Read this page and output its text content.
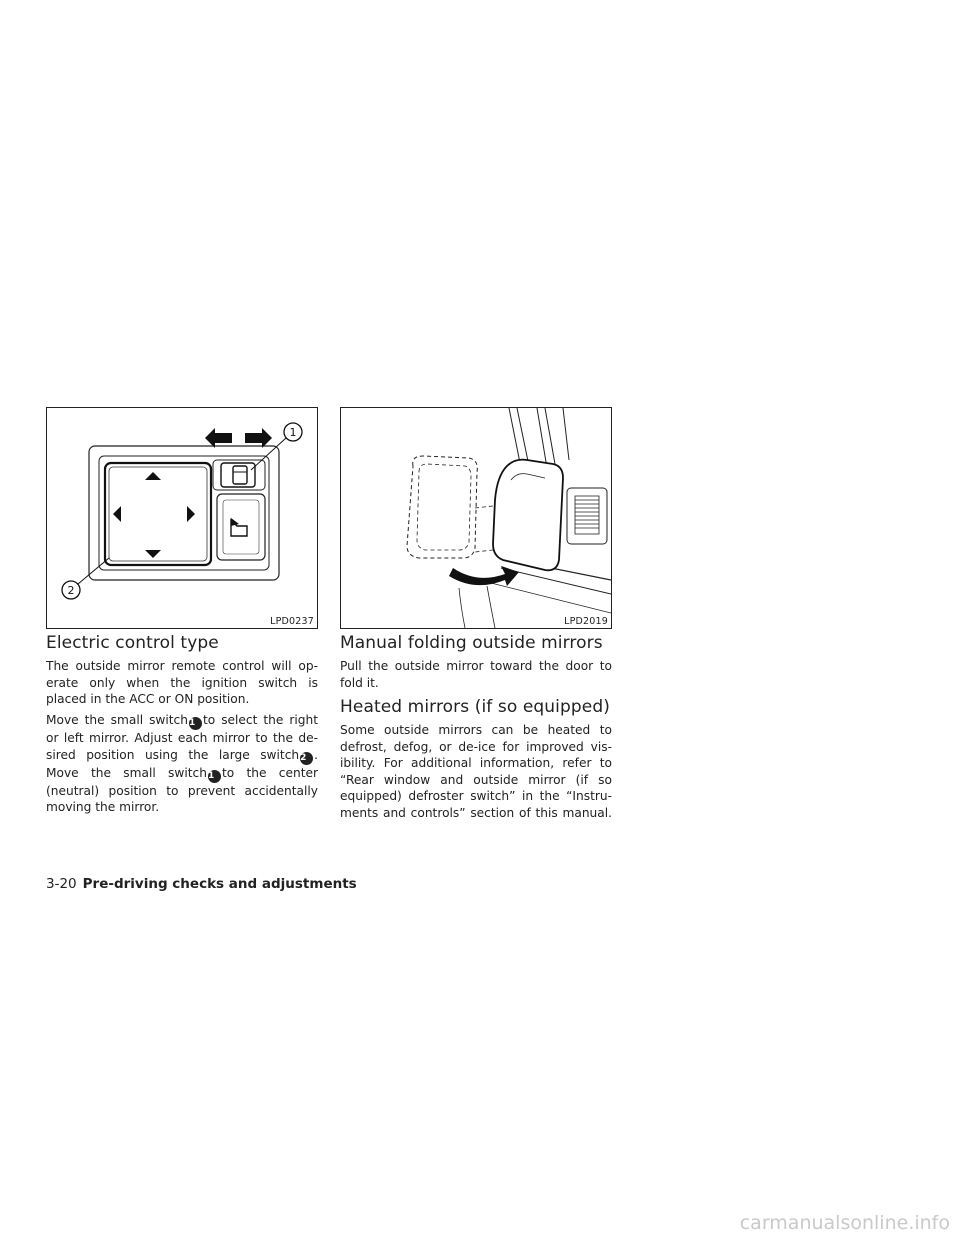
1
2
LPD0237	LPD2019
Electric control type

The outside mirror remote control will op-
erate only when the ignition switch is
placed in the ACC or ON position.

Move the small switch1 to select the right
or left mirror. Adjust each mirror to the de-
sired position using the large switch2 .
Move the small switch1 to the center
(neutral) position to prevent accidentally
moving the mirror.

Manual folding outside mirrors

Pull the outside mirror toward the door to
fold it.

Heated mirrors (if so equipped)

Some outside mirrors can be heated to
defrost, defog, or de-ice for improved vis-
ibility. For additional information, refer to
“Rear window and outside mirror (if so
equipped) defroster switch” in the “Instru-
ments and controls” section of this manual.

3-20 Pre-driving checks and adjustments
carmanualsonline.info
